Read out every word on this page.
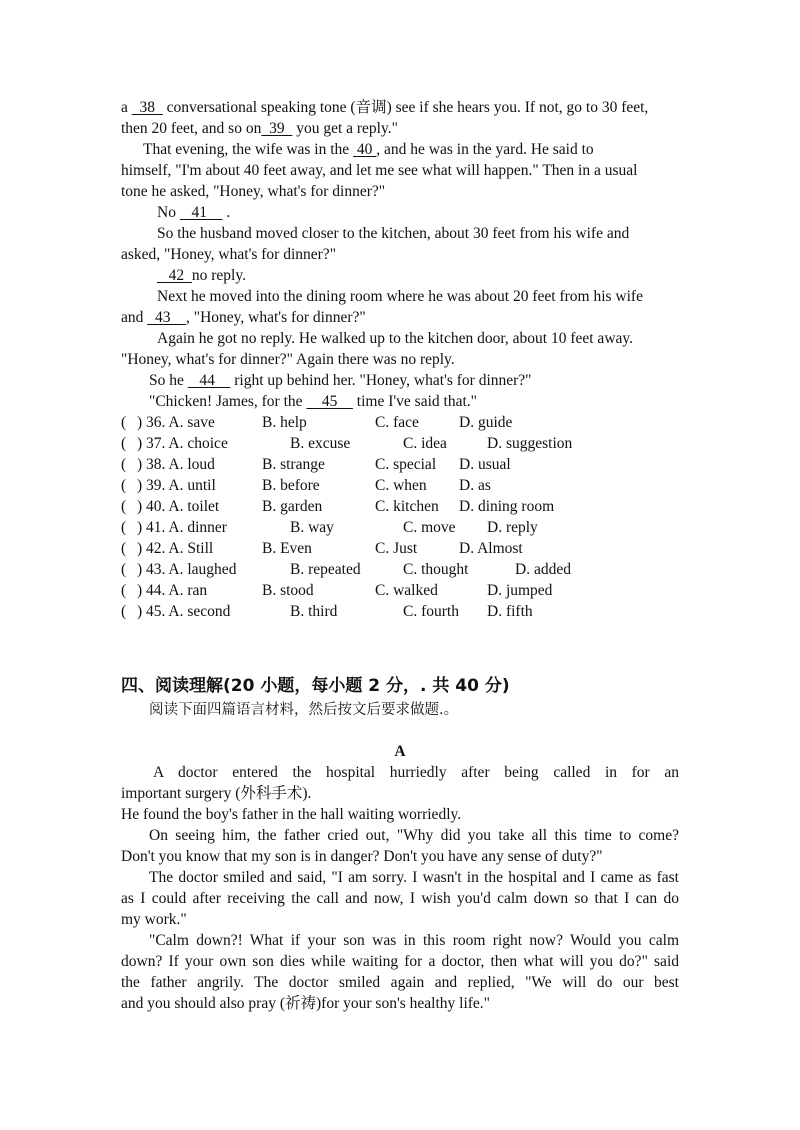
a   38   conversational speaking tone (音调) see if she hears you. If not, go to 30 feet,
then 20 feet, and so on  39   you get a reply."
That evening, the wife was in the  40 , and he was in the yard. He said to
himself, "I'm about 40 feet away, and let me see what will happen." Then in a usual
tone he asked, "Honey, what's for dinner?"
No    41     .
So the husband moved closer to the kitchen, about 30 feet from his wife and
asked, "Honey, what's for dinner?"
42  no reply.
Next he moved into the dining room where he was about 20 feet from his wife
and   43    , "Honey, what's for dinner?"
Again he got no reply. He walked up to the kitchen door, about 10 feet away.
"Honey, what's for dinner?" Again there was no reply.
So he    44     right up behind her. "Honey, what's for dinner?"
"Chicken! James, for the     45     time I've said that."
( ) 36. A. save	B. help	C. face	D. guide
( ) 37. A. choice	B. excuse	C. idea	D. suggestion
( ) 38. A. loud	B. strange	C. special D. usual
( ) 39. A. until	B. before	C. when D. as
( ) 40. A. toilet	B. garden	C. kitchen D. dining room
( ) 41. A. dinner	B. way	C. move D. reply
( ) 42. A. Still	B. Even	C. Just	D. Almost
( ) 43. A. laughed	B. repeated	C. thought	D. added
( ) 44. A. ran	B. stood	C. walked	D. jumped
( ) 45. A. second	B. third	C. fourth D. fifth
四、阅读理解(20 小题，每小题 2 分，. 共 40 分)
阅读下面四篇语言材料，然后按文后要求做题.。
A
A doctor entered the hospital hurriedly after being called in for an
important surgery (外科手术).
He found the boy's father in the hall waiting worriedly.
On seeing him, the father cried out, "Why did you take all this time to come?
Don't you know that my son is in danger? Don't you have any sense of duty?"
The doctor smiled and said, "I am sorry. I wasn't in the hospital and I came as fast
as I could after receiving the call and now, I wish you'd calm down so that I can do
my work."
"Calm down?! What if your son was in this room right now? Would you calm
down? If your own son dies while waiting for a doctor, then what will you do?" said
the father angrily. The doctor smiled again and replied, "We will do our best
and you should also pray (祈祷)for your son's healthy life."
